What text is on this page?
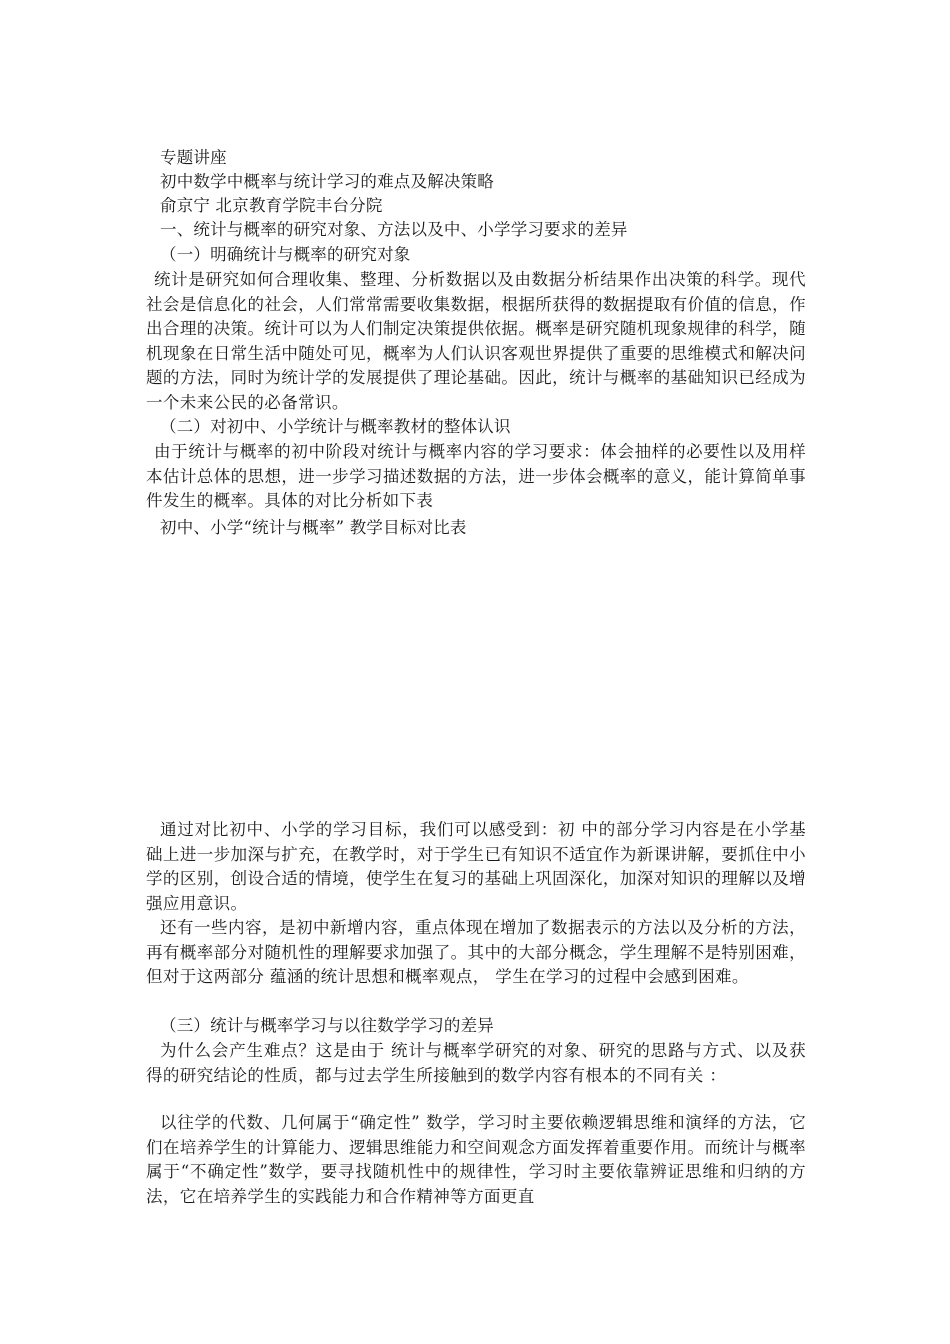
专题讲座
初中数学中概率与统计学习的难点及解决策略
俞京宁 北京教育学院丰台分院
一、统计与概率的研究对象、方法以及中、小学学习要求的差异
（一）明确统计与概率的研究对象
统计是研究如何合理收集、整理、分析数据以及由数据分析结果作出决策的科学。现代社会是信息化的社会，人们常常需要收集数据，根据所获得的数据提取有价值的信息，作出合理的决策。统计可以为人们制定决策提供依据。概率是研究随机现象规律的科学，随机现象在日常生活中随处可见，概率为人们认识客观世界提供了重要的思维模式和解决问题的方法，同时为统计学的发展提供了理论基础。因此，统计与概率的基础知识已经成为一个未来公民的必备常识。
（二）对初中、小学统计与概率教材的整体认识
由于统计与概率的初中阶段对统计与概率内容的学习要求：体会抽样的必要性以及用样本估计总体的思想，进一步学习描述数据的方法，进一步体会概率的意义，能计算简单事件发生的概率。具体的对比分析如下表
初中、小学“统计与概率” 教学目标对比表
通过对比初中、小学的学习目标，我们可以感受到：初 中的部分学习内容是在小学基础上进一步加深与扩充，在教学时，对于学生已有知识不适宜作为新课讲解，要抓住中小学的区别，创设合适的情境，使学生在复习的基础上巩固深化，加深对知识的理解以及增强应用意识。
还有一些内容，是初中新增内容，重点体现在增加了数据表示的方法以及分析的方法，再有概率部分对随机性的理解要求加强了。其中的大部分概念，学生理解不是特别困难，但对于这两部分 蕴涵的统计思想和概率观点， 学生在学习的过程中会感到困难。
（三）统计与概率学习与以往数学学习的差异
为什么会产生难点？这是由于 统计与概率学研究的对象、研究的思路与方式、以及获得的研究结论的性质，都与过去学生所接触到的数学内容有根本的不同有关 ：
以往学的代数、几何属于“确定性” 数学，学习时主要依赖逻辑思维和演绎的方法，它们在培养学生的计算能力、逻辑思维能力和空间观念方面发挥着重要作用。而统计与概率属于“不确定性”数学，要寻找随机性中的规律性，学习时主要依靠辨证思维和归纳的方法，它在培养学生的实践能力和合作精神等方面更直
